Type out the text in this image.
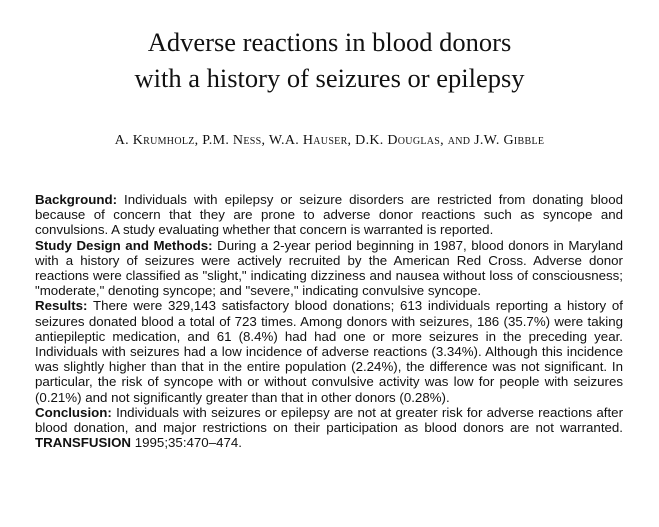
Adverse reactions in blood donors
with a history of seizures or epilepsy
A. Krumholz, P.M. Ness, W.A. Hauser, D.K. Douglas, and J.W. Gibble

Background: Individuals with epilepsy or seizure disorders are restricted from donating blood because of concern that they are prone to adverse donor reactions such as syncope and convulsions. A study evaluating whether that concern is warranted is reported.

Study Design and Methods: During a 2-year period beginning in 1987, blood donors in Maryland with a history of seizures were actively recruited by the American Red Cross. Adverse donor reactions were classified as "slight," indicating dizziness and nausea without loss of consciousness; "moderate," denoting syncope; and "severe," indicating convulsive syncope.

Results: There were 329,143 satisfactory blood donations; 613 individuals reporting a history of seizures donated blood a total of 723 times. Among donors with seizures, 186 (35.7%) were taking antiepileptic medication, and 61 (8.4%) had had one or more seizures in the preceding year. Individuals with seizures had a low incidence of adverse reactions (3.34%). Although this incidence was slightly higher than that in the entire population (2.24%), the difference was not significant. In particular, the risk of syncope with or without convulsive activity was low for people with seizures (0.21%) and not significantly greater than that in other donors (0.28%).

Conclusion: Individuals with seizures or epilepsy are not at greater risk for adverse reactions after blood donation, and major restrictions on their participation as blood donors are not warranted. TRANSFUSION 1995;35:470–474.
